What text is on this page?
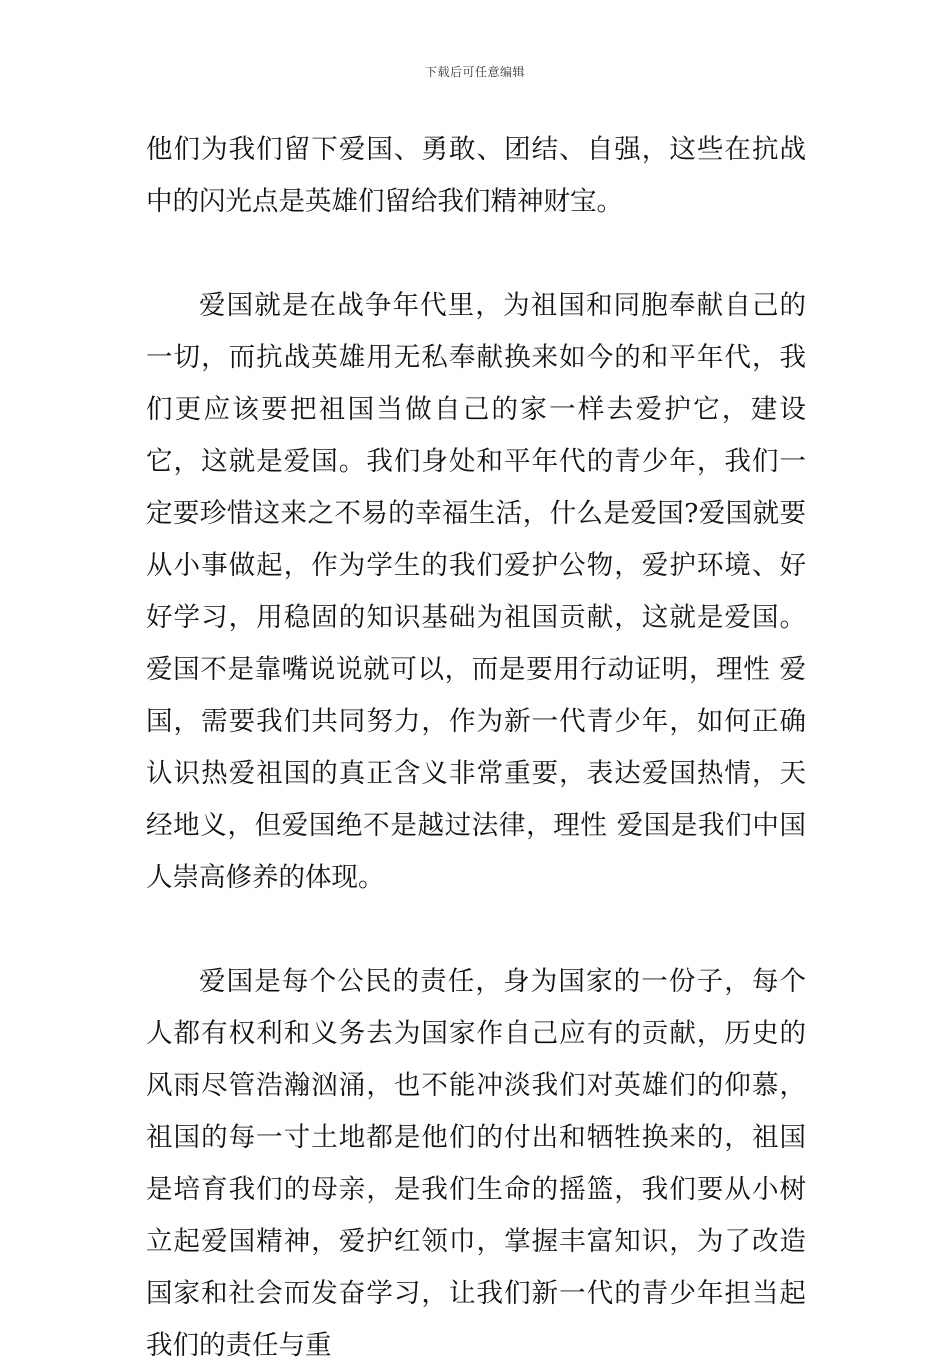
下载后可任意编辑

他们为我们留下爱国、勇敢、团结、自强，这些在抗战中的闪光点是英雄们留给我们精神财宝。

爱国就是在战争年代里，为祖国和同胞奉献自己的一切，而抗战英雄用无私奉献换来如今的和平年代，我们更应该要把祖国当做自己的家一样去爱护它，建设它，这就是爱国。我们身处和平年代的青少年，我们一定要珍惜这来之不易的幸福生活，什么是爱国?爱国就要从小事做起，作为学生的我们爱护公物，爱护环境、好好学习，用稳固的知识基础为祖国贡献，这就是爱国。爱国不是靠嘴说说就可以，而是要用行动证明，理性 爱国，需要我们共同努力，作为新一代青少年，如何正确认识热爱祖国的真正含义非常重要，表达爱国热情，天经地义，但爱国绝不是越过法律，理性 爱国是我们中国人崇高修养的体现。

爱国是每个公民的责任，身为国家的一份子，每个人都有权利和义务去为国家作自己应有的贡献，历史的风雨尽管浩瀚汹涌，也不能冲淡我们对英雄们的仰慕，祖国的每一寸土地都是他们的付出和牺牲换来的，祖国是培育我们的母亲，是我们生命的摇篮，我们要从小树立起爱国精神，爱护红领巾，掌握丰富知识，为了改造国家和社会而发奋学习，让我们新一代的青少年担当起我们的责任与重
